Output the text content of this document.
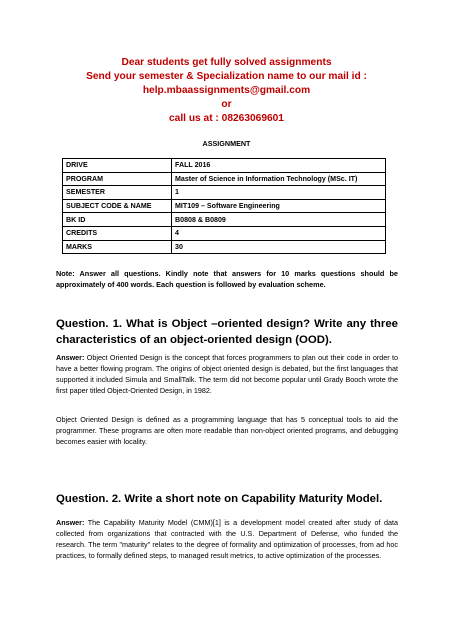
Dear students get fully solved assignments
Send your semester & Specialization name to our mail id :
help.mbaassignments@gmail.com
or
call us at : 08263069601
ASSIGNMENT
DRIVE	FALL 2016
PROGRAM	Master of Science in Information Technology (MSc. IT)
SEMESTER	1
SUBJECT CODE & NAME	MIT109 – Software Engineering
BK ID	B0808 & B0809
CREDITS	4
MARKS	30
Note: Answer all questions. Kindly note that answers for 10 marks questions should be approximately of 400 words. Each question is followed by evaluation scheme.
Question. 1. What is Object –oriented design? Write any three characteristics of an object-oriented design (OOD).
Answer: Object Oriented Design is the concept that forces programmers to plan out their code in order to have a better flowing program. The origins of object oriented design is debated, but the first languages that supported it included Simula and SmallTalk. The term did not become popular until Grady Booch wrote the first paper titled Object-Oriented Design, in 1982.
Object Oriented Design is defined as a programming language that has 5 conceptual tools to aid the programmer. These programs are often more readable than non-object oriented programs, and debugging becomes easier with locality.
Question. 2. Write a short note on Capability Maturity Model.
Answer: The Capability Maturity Model (CMM)[1] is a development model created after study of data collected from organizations that contracted with the U.S. Department of Defense, who funded the research. The term "maturity" relates to the degree of formality and optimization of processes, from ad hoc practices, to formally defined steps, to managed result metrics, to active optimization of the processes.
